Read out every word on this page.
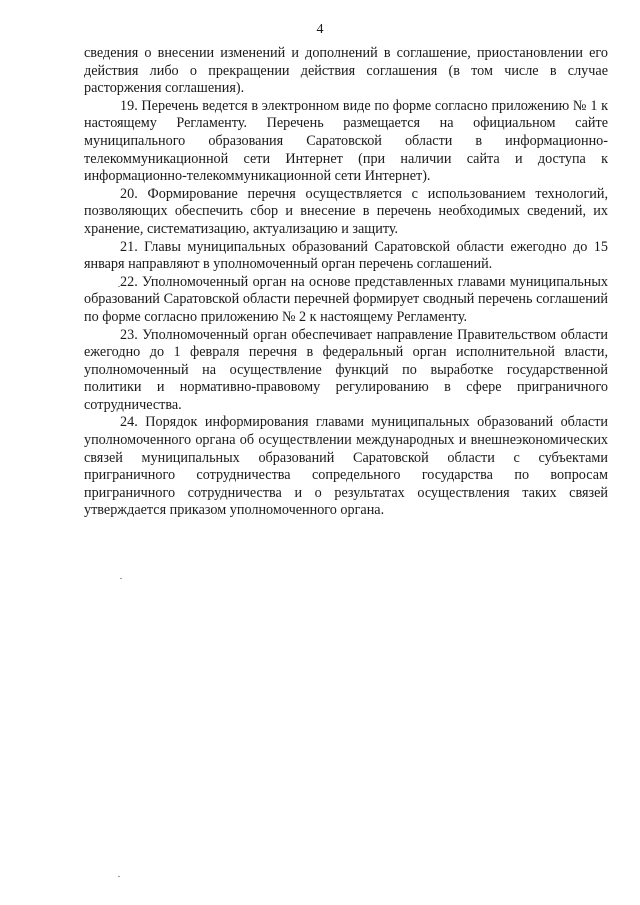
4

сведения о внесении изменений и дополнений в соглашение, приостановлении его действия либо о прекращении действия соглашения (в том числе в случае расторжения соглашения).

19. Перечень ведется в электронном виде по форме согласно приложению № 1 к настоящему Регламенту. Перечень размещается на официальном сайте муниципального образования Саратовской области в информационно-телекоммуникационной сети Интернет (при наличии сайта и доступа к информационно-телекоммуникационной сети Интернет).

20. Формирование перечня осуществляется с использованием технологий, позволяющих обеспечить сбор и внесение в перечень необходимых сведений, их хранение, систематизацию, актуализацию и защиту.

21. Главы муниципальных образований Саратовской области ежегодно до 15 января направляют в уполномоченный орган перечень соглашений.

22. Уполномоченный орган на основе представленных главами муниципальных образований Саратовской области перечней формирует сводный перечень соглашений по форме согласно приложению № 2 к настоящему Регламенту.

23. Уполномоченный орган обеспечивает направление Правительством области ежегодно до 1 февраля перечня в федеральный орган исполнительной власти, уполномоченный на осуществление функций по выработке государственной политики и нормативно-правовому регулированию в сфере приграничного сотрудничества.

24. Порядок информирования главами муниципальных образований области уполномоченного органа об осуществлении международных и внешнеэкономических связей муниципальных образований Саратовской области с субъектами приграничного сотрудничества сопредельного государства по вопросам приграничного сотрудничества и о результатах осуществления таких связей утверждается приказом уполномоченного органа.
